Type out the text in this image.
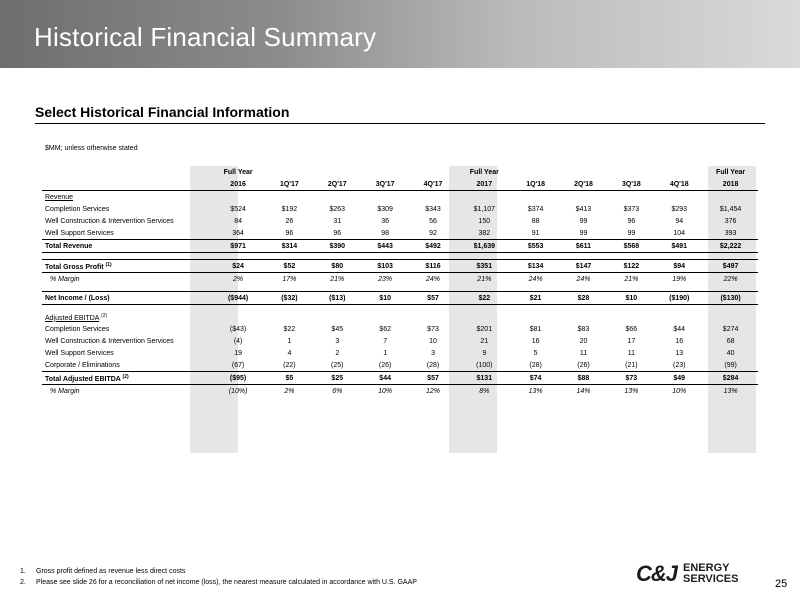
Historical Financial Summary
Select Historical Financial Information
$MM; unless otherwise stated
	Full Year					Full Year					Full Year
	2016	1Q'17	2Q'17	3Q'17	4Q'17	2017	1Q'18	2Q'18	3Q'18	4Q'18	2018
Revenue											
Completion Services	$524	$192	$263	$309	$343	$1,107	$374	$413	$373	$293	$1,454
Well Construction & Intervention Services	84	26	31	36	56	150	88	99	96	94	376
Well Support Services	364	96	96	98	92	382	91	99	99	104	393
Total Revenue	$971	$314	$390	$443	$492	$1,639	$553	$611	$568	$491	$2,222

Total Gross Profit $^{(1)}$	$24	$52	$80	$103	$116	$351	$134	$147	$122	$94	$497
% Margin	2%	17%	21%	23%	24%	21%	24%	24%	21%	19%	22%

Net Income / (Loss)	($944)	($32)	($13)	$10	$57	$22	$21	$28	$10	($190)	($130)

Adjusted EBITDA $^{(2)}$											
Completion Services	($43)	$22	$45	$62	$73	$201	$81	$83	$66	$44	$274
Well Construction & Intervention Services	(4)	1	3	7	10	21	16	20	17	16	68
Well Support Services	19	4	2	1	3	9	5	11	11	13	40
Corporate / Eliminations	(67)	(22)	(25)	(26)	(28)	(100)	(28)	(26)	(21)	(23)	(99)
Total Adjusted EBITDA $^{(2)}$	($95)	$5	$25	$44	$57	$131	$74	$88	$73	$49	$284
% Margin	(10%)	2%	6%	10%	12%	8%	13%	14%	13%	10%	13%
1. Gross profit defined as revenue less direct costs
2. Please see slide 26 for a reconciliation of net income (loss), the nearest measure calculated in accordance with U.S. GAAP	C&J ENERGY
SERVICES	25
